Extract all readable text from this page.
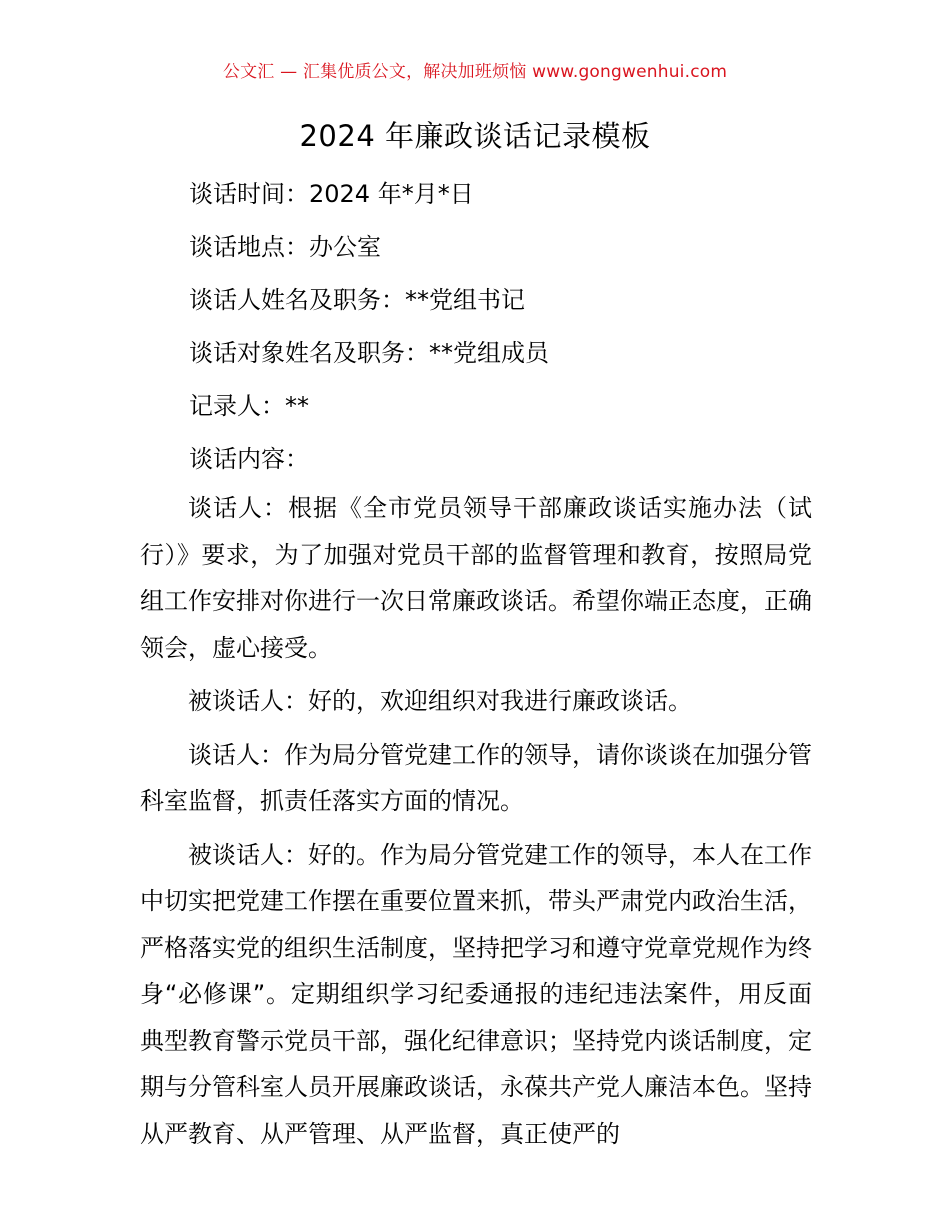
公文汇 — 汇集优质公文，解决加班烦恼 www.gongwenhui.com
2024 年廉政谈话记录模板
谈话时间：2024 年*月*日
谈话地点：办公室
谈话人姓名及职务：**党组书记
谈话对象姓名及职务：**党组成员
记录人：**
谈话内容：

谈话人：根据《全市党员领导干部廉政谈话实施办法（试行）》要求，为了加强对党员干部的监督管理和教育，按照局党组工作安排对你进行一次日常廉政谈话。希望你端正态度，正确领会，虚心接受。

被谈话人：好的，欢迎组织对我进行廉政谈话。

谈话人：作为局分管党建工作的领导，请你谈谈在加强分管科室监督，抓责任落实方面的情况。

被谈话人：好的。作为局分管党建工作的领导，本人在工作中切实把党建工作摆在重要位置来抓，带头严肃党内政治生活，严格落实党的组织生活制度，坚持把学习和遵守党章党规作为终身“必修课”。定期组织学习纪委通报的违纪违法案件，用反面典型教育警示党员干部，强化纪律意识；坚持党内谈话制度，定期与分管科室人员开展廉政谈话，永葆共产党人廉洁本色。坚持从严教育、从严管理、从严监督，真正使严的
